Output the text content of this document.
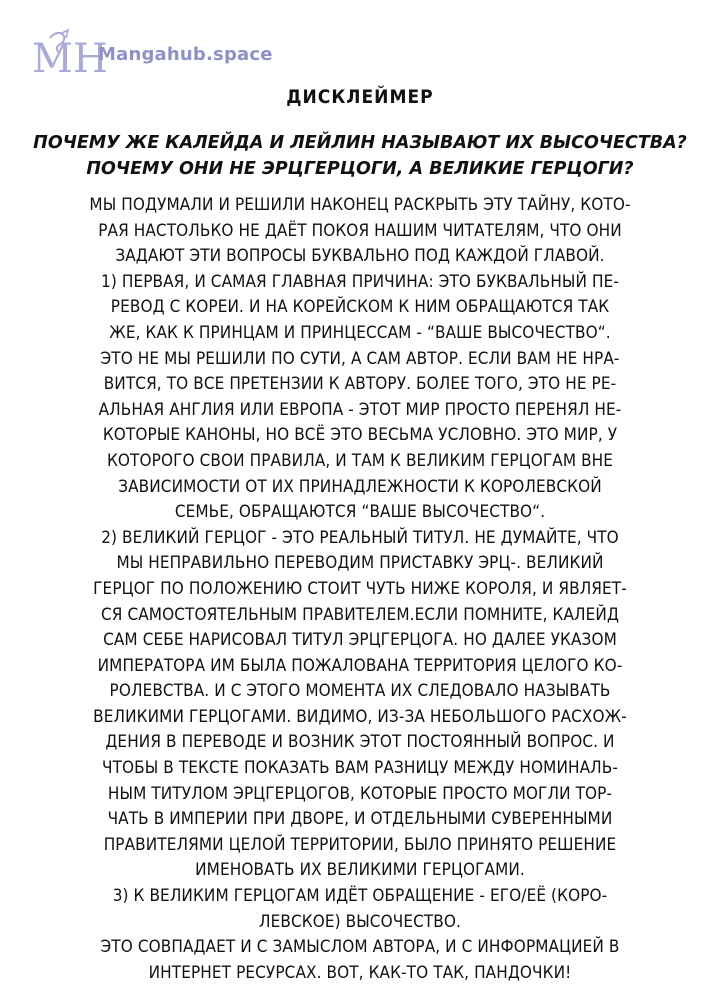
MH
Mangahub.space
ДИСКЛЕЙМЕР
ПОЧЕМУ ЖЕ КАЛЕЙДА И ЛЕЙЛИН НАЗЫВАЮТ ИХ ВЫСОЧЕСТВА?
ПОЧЕМУ ОНИ НЕ ЭРЦГЕРЦОГИ, А ВЕЛИКИЕ ГЕРЦОГИ?
МЫ ПОДУМАЛИ И РЕШИЛИ НАКОНЕЦ РАСКРЫТЬ ЭТУ ТАЙНУ, КОТО-
РАЯ НАСТОЛЬКО НЕ ДАЁТ ПОКОЯ НАШИМ ЧИТАТЕЛЯМ, ЧТО ОНИ
ЗАДАЮТ ЭТИ ВОПРОСЫ БУКВАЛЬНО ПОД КАЖДОЙ ГЛАВОЙ.
1) ПЕРВАЯ, И САМАЯ ГЛАВНАЯ ПРИЧИНА: ЭТО БУКВАЛЬНЫЙ ПЕ-
РЕВОД С КОРЕИ. И НА КОРЕЙСКОМ К НИМ ОБРАЩАЮТСЯ ТАК
ЖЕ, КАК К ПРИНЦАМ И ПРИНЦЕССАМ - “ВАШЕ ВЫСОЧЕСТВО“.
ЭТО НЕ МЫ РЕШИЛИ ПО СУТИ, А САМ АВТОР. ЕСЛИ ВАМ НЕ НРА-
ВИТСЯ, ТО ВСЕ ПРЕТЕНЗИИ К АВТОРУ. БОЛЕЕ ТОГО, ЭТО НЕ РЕ-
АЛЬНАЯ АНГЛИЯ ИЛИ ЕВРОПА - ЭТОТ МИР ПРОСТО ПЕРЕНЯЛ НЕ-
КОТОРЫЕ КАНОНЫ, НО ВСЁ ЭТО ВЕСЬМА УСЛОВНО. ЭТО МИР, У
КОТОРОГО СВОИ ПРАВИЛА, И ТАМ К ВЕЛИКИМ ГЕРЦОГАМ ВНЕ
ЗАВИСИМОСТИ ОТ ИХ ПРИНАДЛЕЖНОСТИ К КОРОЛЕВСКОЙ
СЕМЬЕ, ОБРАЩАЮТСЯ “ВАШЕ ВЫСОЧЕСТВО“.
2) ВЕЛИКИЙ ГЕРЦОГ - ЭТО РЕАЛЬНЫЙ ТИТУЛ. НЕ ДУМАЙТЕ, ЧТО
МЫ НЕПРАВИЛЬНО ПЕРЕВОДИМ ПРИСТАВКУ ЭРЦ-. ВЕЛИКИЙ
ГЕРЦОГ ПО ПОЛОЖЕНИЮ СТОИТ ЧУТЬ НИЖЕ КОРОЛЯ, И ЯВЛЯЕТ-
СЯ САМОСТОЯТЕЛЬНЫМ ПРАВИТЕЛЕМ.ЕСЛИ ПОМНИТЕ, КАЛЕЙД
САМ СЕБЕ НАРИСОВАЛ ТИТУЛ ЭРЦГЕРЦОГА. НО ДАЛЕЕ УКАЗОМ
ИМПЕРАТОРА ИМ БЫЛА ПОЖАЛОВАНА ТЕРРИТОРИЯ ЦЕЛОГО КО-
РОЛЕВСТВА. И С ЭТОГО МОМЕНТА ИХ СЛЕДОВАЛО НАЗЫВАТЬ
ВЕЛИКИМИ ГЕРЦОГАМИ. ВИДИМО, ИЗ-ЗА НЕБОЛЬШОГО РАСХОЖ-
ДЕНИЯ В ПЕРЕВОДЕ И ВОЗНИК ЭТОТ ПОСТОЯННЫЙ ВОПРОС. И
ЧТОБЫ В ТЕКСТЕ ПОКАЗАТЬ ВАМ РАЗНИЦУ МЕЖДУ НОМИНАЛЬ-
НЫМ ТИТУЛОМ ЭРЦГЕРЦОГОВ, КОТОРЫЕ ПРОСТО МОГЛИ ТОР-
ЧАТЬ В ИМПЕРИИ ПРИ ДВОРЕ, И ОТДЕЛЬНЫМИ СУВЕРЕННЫМИ
ПРАВИТЕЛЯМИ ЦЕЛОЙ ТЕРРИТОРИИ, БЫЛО ПРИНЯТО РЕШЕНИЕ
ИМЕНОВАТЬ ИХ ВЕЛИКИМИ ГЕРЦОГАМИ.
3) К ВЕЛИКИМ ГЕРЦОГАМ ИДЁТ ОБРАЩЕНИЕ - ЕГО/ЕЁ (КОРО-
ЛЕВСКОЕ) ВЫСОЧЕСТВО.
ЭТО СОВПАДАЕТ И С ЗАМЫСЛОМ АВТОРА, И С ИНФОРМАЦИЕЙ В
ИНТЕРНЕТ РЕСУРСАХ. ВОТ, КАК-ТО ТАК, ПАНДОЧКИ!
